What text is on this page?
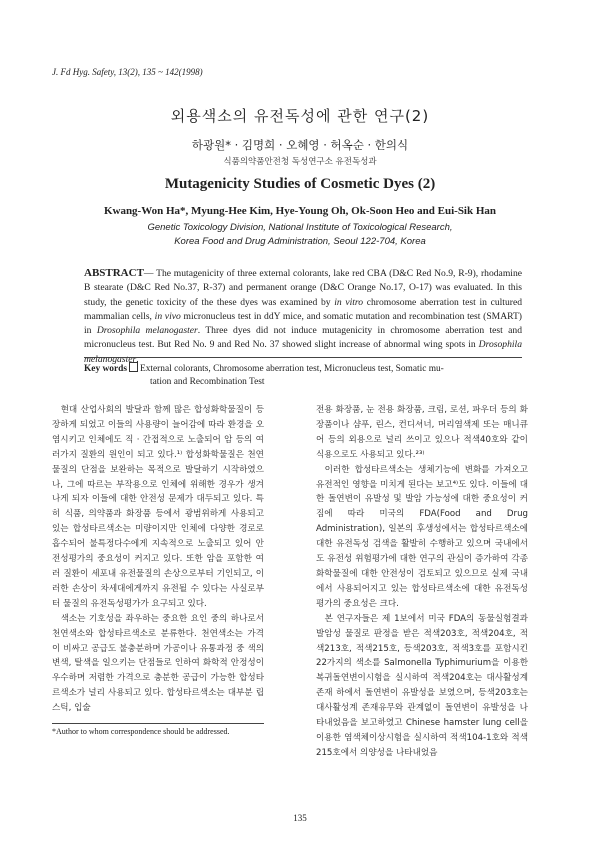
J. Fd Hyg. Safety, 13(2), 135 ~ 142(1998)
외용색소의 유전독성에 관한 연구(2)
하광원* · 김명희 · 오혜영 · 허옥순 · 한의식
식품의약품안전청 독성연구소 유전독성과
Mutagenicity Studies of Cosmetic Dyes (2)
Kwang-Won Ha*, Myung-Hee Kim, Hye-Young Oh, Ok-Soon Heo and Eui-Sik Han
Genetic Toxicology Division, National Institute of Toxicological Research,
Korea Food and Drug Administration, Seoul 122-704, Korea
ABSTRACT— The mutagenicity of three external colorants, lake red CBA (D&C Red No.9, R-9), rhodamine B stearate (D&C Red No.37, R-37) and permanent orange (D&C Orange No.17, O-17) was evaluated. In this study, the genetic toxicity of the these dyes was examined by in vitro chromosome aberration test in cultured mammalian cells, in vivo micronucleus test in ddY mice, and somatic mutation and recombination test (SMART) in Drosophila melanogaster. Three dyes did not induce mutagenicity in chromosome aberration test and micronucleus test. But Red No. 9 and Red No. 37 showed slight increase of abnormal wing spots in Drosophila melanogaster.
Key words External colorants, Chromosome aberration test, Micronucleus test, Somatic mu-
tation and Recombination Test

현대 산업사회의 발달과 함께 많은 합성화학물질이 등장하게 되었고 이들의 사용량이 늘어감에 따라 환경을 오염시키고 인체에도 직 · 간접적으로 노출되어 암 등의 여러가지 질환의 원인이 되고 있다.¹⁾ 합성화학물질은 천연물질의 단점을 보완하는 목적으로 발달하기 시작하였으나, 그에 따르는 부작용으로 인체에 위해한 경우가 생겨나게 되자 이들에 대한 안전성 문제가 대두되고 있다. 특히 식품, 의약품과 화장품 등에서 광범위하게 사용되고 있는 합성타르색소는 미량이지만 인체에 다양한 경로로 흡수되어 불특정다수에게 지속적으로 노출되고 있어 안전성평가의 중요성이 커지고 있다. 또한 암을 포함한 여러 질환이 세포내 유전물질의 손상으로부터 기인되고, 이러한 손상이 차세대에게까지 유전될 수 있다는 사실로부터 물질의 유전독성평가가 요구되고 있다.

색소는 기호성을 좌우하는 중요한 요인 중의 하나로서 천연색소와 합성타르색소로 분류한다. 천연색소는 가격이 비싸고 공급도 불충분하며 가공이나 유통과정 중 색의 변색, 탈색을 일으키는 단점들로 인하여 화학적 안정성이 우수하며 저렴한 가격으로 충분한 공급이 가능한 합성타르색소가 널리 사용되고 있다. 합성타르색소는 대부분 립스틱, 입술

전용 화장품, 눈 전용 화장품, 크림, 로션, 파우더 등의 화장품이나 샴푸, 린스, 컨디셔너, 머리염색제 또는 매니큐어 등의 외용으로 널리 쓰이고 있으나 적색40호와 같이 식용으로도 사용되고 있다.²³⁾

이러한 합성타르색소는 생체기능에 변화를 가져오고 유전적인 영향을 미치게 된다는 보고⁴⁾도 있다. 이들에 대한 돌연변이 유발성 및 발암 가능성에 대한 중요성이 커짐에 따라 미국의 FDA(Food and Drug Administration), 일본의 후생성에서는 합성타르색소에 대한 유전독성 검색을 활발히 수행하고 있으며 국내에서도 유전성 위험평가에 대한 연구의 관심이 증가하여 각종 화학물질에 대한 안전성이 검토되고 있으므로 실제 국내에서 사용되어지고 있는 합성타르색소에 대한 유전독성평가의 중요성은 크다.

본 연구자들은 제 1보에서 미국 FDA의 동물실험결과 발암성 물질로 판정을 받은 적색203호, 적색204호, 적색213호, 적색215호, 등색203호, 적색3호를 포함시킨 22가지의 색소를 Salmonella Typhimurium을 이용한 복귀돌연변이시험을 실시하여 적색204호는 대사활성계 존재 하에서 돌연변이 유발성을 보였으며, 등색203호는 대사활성계 존재유무와 관계없이 돌연변이 유발성을 나타내었음을 보고하였고 Chinese hamster lung cell을 이용한 염색체이상시험을 실시하여 적색104-1호와 적색215호에서 의양성을 나타내었음

*Author to whom correspondence should be addressed.
135
